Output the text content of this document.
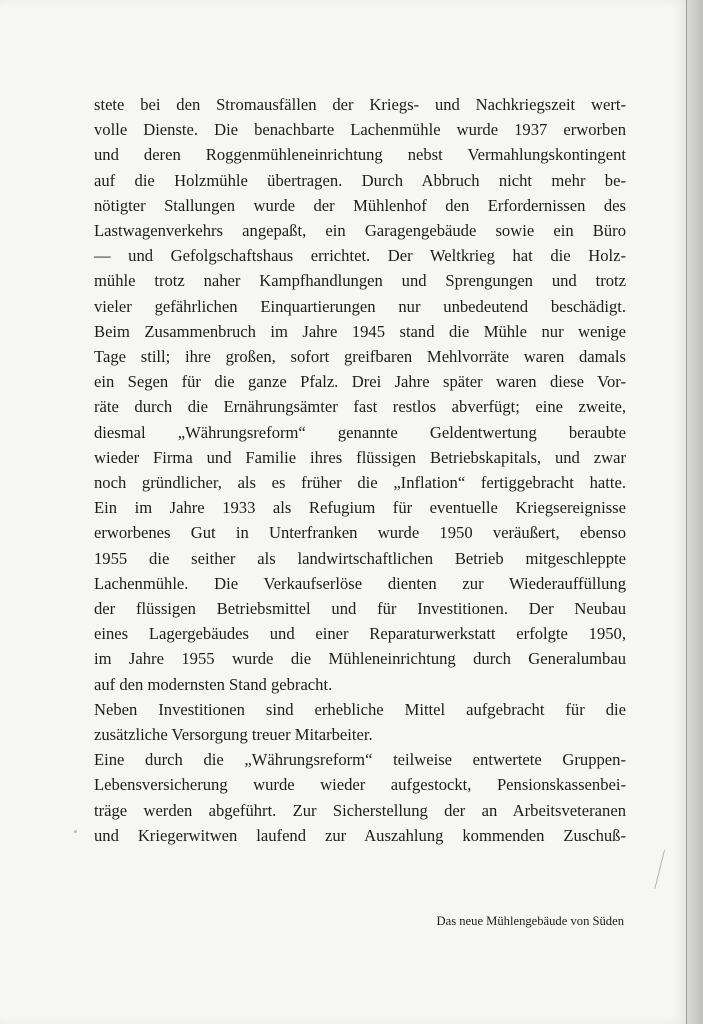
stete bei den Stromausfällen der Kriegs- und Nachkriegszeit wert-
volle Dienste. Die benachbarte Lachenmühle wurde 1937 erworben
und deren Roggenmühleneinrichtung nebst Vermahlungskontingent
auf die Holzmühle übertragen. Durch Abbruch nicht mehr be-
nötigter Stallungen wurde der Mühlenhof den Erfordernissen des
Lastwagenverkehrs angepaßt, ein Garagengebäude sowie ein Büro
— und Gefolgschaftshaus errichtet. Der Weltkrieg hat die Holz-
mühle trotz naher Kampfhandlungen und Sprengungen und trotz
vieler gefährlichen Einquartierungen nur unbedeutend beschädigt.
Beim Zusammenbruch im Jahre 1945 stand die Mühle nur wenige
Tage still; ihre großen, sofort greifbaren Mehlvorräte waren damals
ein Segen für die ganze Pfalz. Drei Jahre später waren diese Vor-
räte durch die Ernährungsämter fast restlos abverfügt; eine zweite,
diesmal „Währungsreform“ genannte Geldentwertung beraubte
wieder Firma und Familie ihres flüssigen Betriebskapitals, und zwar
noch gründlicher, als es früher die „Inflation“ fertiggebracht hatte.
Ein im Jahre 1933 als Refugium für eventuelle Kriegsereignisse
erworbenes Gut in Unterfranken wurde 1950 veräußert, ebenso
1955 die seither als landwirtschaftlichen Betrieb mitgeschleppte
Lachenmühle. Die Verkaufserlöse dienten zur Wiederauffüllung
der flüssigen Betriebsmittel und für Investitionen. Der Neubau
eines Lagergebäudes und einer Reparaturwerkstatt erfolgte 1950,
im Jahre 1955 wurde die Mühleneinrichtung durch Generalumbau
auf den modernsten Stand gebracht.
Neben Investitionen sind erhebliche Mittel aufgebracht für die
zusätzliche Versorgung treuer Mitarbeiter.
Eine durch die „Währungsreform“ teilweise entwertete Gruppen-
Lebensversicherung wurde wieder aufgestockt, Pensionskassenbei-
träge werden abgeführt. Zur Sicherstellung der an Arbeitsveteranen
und Kriegerwitwen laufend zur Auszahlung kommenden Zuschuß-

Das neue Mühlengebäude von Süden
